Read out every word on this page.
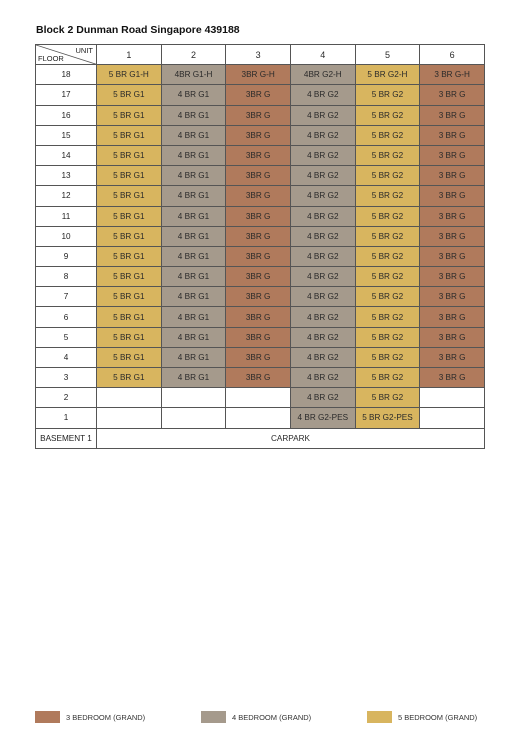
Block 2 Dunman Road Singapore 439188
UNIT
FLOOR	1	2	3	4	5	6
18	5 BR G1-H	4BR G1-H	3BR G-H	4BR G2-H	5 BR G2-H	3 BR G-H
17	5 BR G1	4 BR G1	3BR G	4 BR G2	5 BR G2	3 BR G
16	5 BR G1	4 BR G1	3BR G	4 BR G2	5 BR G2	3 BR G
15	5 BR G1	4 BR G1	3BR G	4 BR G2	5 BR G2	3 BR G
14	5 BR G1	4 BR G1	3BR G	4 BR G2	5 BR G2	3 BR G
13	5 BR G1	4 BR G1	3BR G	4 BR G2	5 BR G2	3 BR G
12	5 BR G1	4 BR G1	3BR G	4 BR G2	5 BR G2	3 BR G
11	5 BR G1	4 BR G1	3BR G	4 BR G2	5 BR G2	3 BR G
10	5 BR G1	4 BR G1	3BR G	4 BR G2	5 BR G2	3 BR G
9	5 BR G1	4 BR G1	3BR G	4 BR G2	5 BR G2	3 BR G
8	5 BR G1	4 BR G1	3BR G	4 BR G2	5 BR G2	3 BR G
7	5 BR G1	4 BR G1	3BR G	4 BR G2	5 BR G2	3 BR G
6	5 BR G1	4 BR G1	3BR G	4 BR G2	5 BR G2	3 BR G
5	5 BR G1	4 BR G1	3BR G	4 BR G2	5 BR G2	3 BR G
4	5 BR G1	4 BR G1	3BR G	4 BR G2	5 BR G2	3 BR G
3	5 BR G1	4 BR G1	3BR G	4 BR G2	5 BR G2	3 BR G
2				4 BR G2	5 BR G2	
1				4 BR G2-PES	5 BR G2-PES	
BASEMENT 1	CARPARK					
3 BEDROOM (GRAND)	4 BEDROOM (GRAND)	5 BEDROOM (GRAND)
